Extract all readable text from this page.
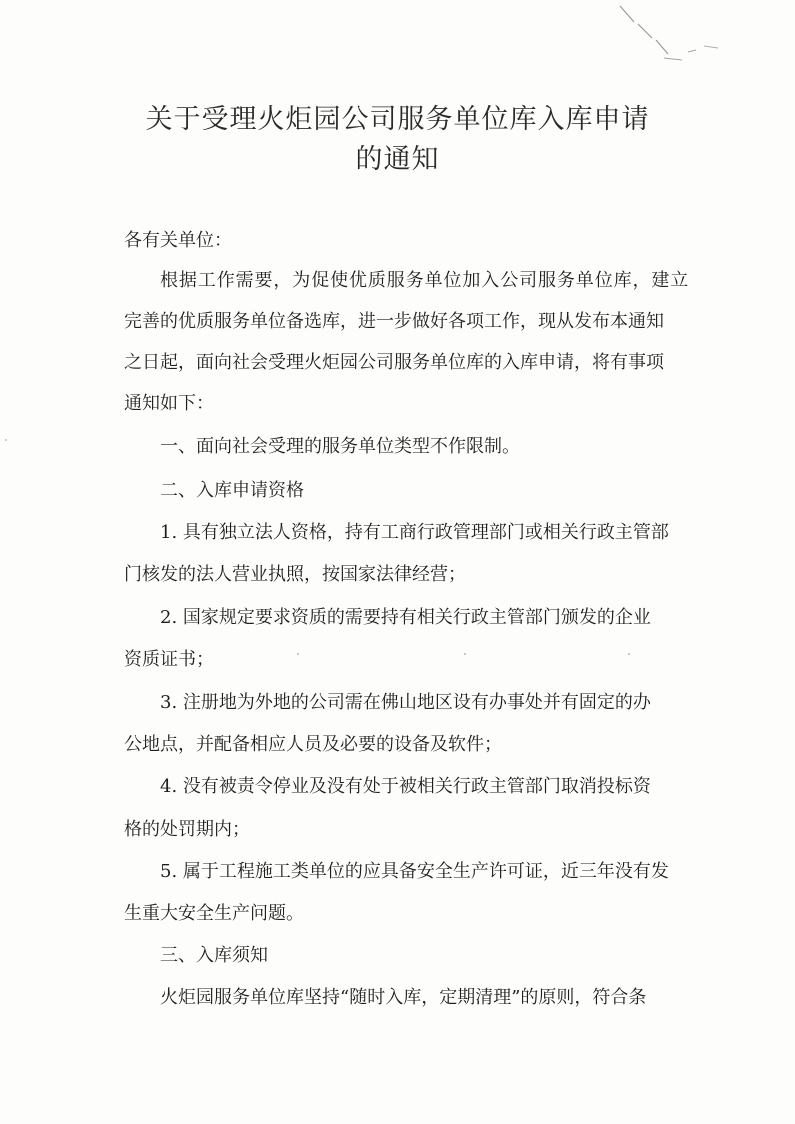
关于受理火炬园公司服务单位库入库申请
的通知
各有关单位：
根据工作需要，为促使优质服务单位加入公司服务单位库，建立
完善的优质服务单位备选库，进一步做好各项工作，现从发布本通知
之日起，面向社会受理火炬园公司服务单位库的入库申请，将有事项
通知如下：
一、面向社会受理的服务单位类型不作限制。
二、入库申请资格
1. 具有独立法人资格，持有工商行政管理部门或相关行政主管部
门核发的法人营业执照，按国家法律经营；
2. 国家规定要求资质的需要持有相关行政主管部门颁发的企业
资质证书；
3. 注册地为外地的公司需在佛山地区设有办事处并有固定的办
公地点，并配备相应人员及必要的设备及软件；
4. 没有被责令停业及没有处于被相关行政主管部门取消投标资
格的处罚期内；
5. 属于工程施工类单位的应具备安全生产许可证，近三年没有发
生重大安全生产问题。
三、入库须知
火炬园服务单位库坚持“随时入库，定期清理”的原则，符合条
